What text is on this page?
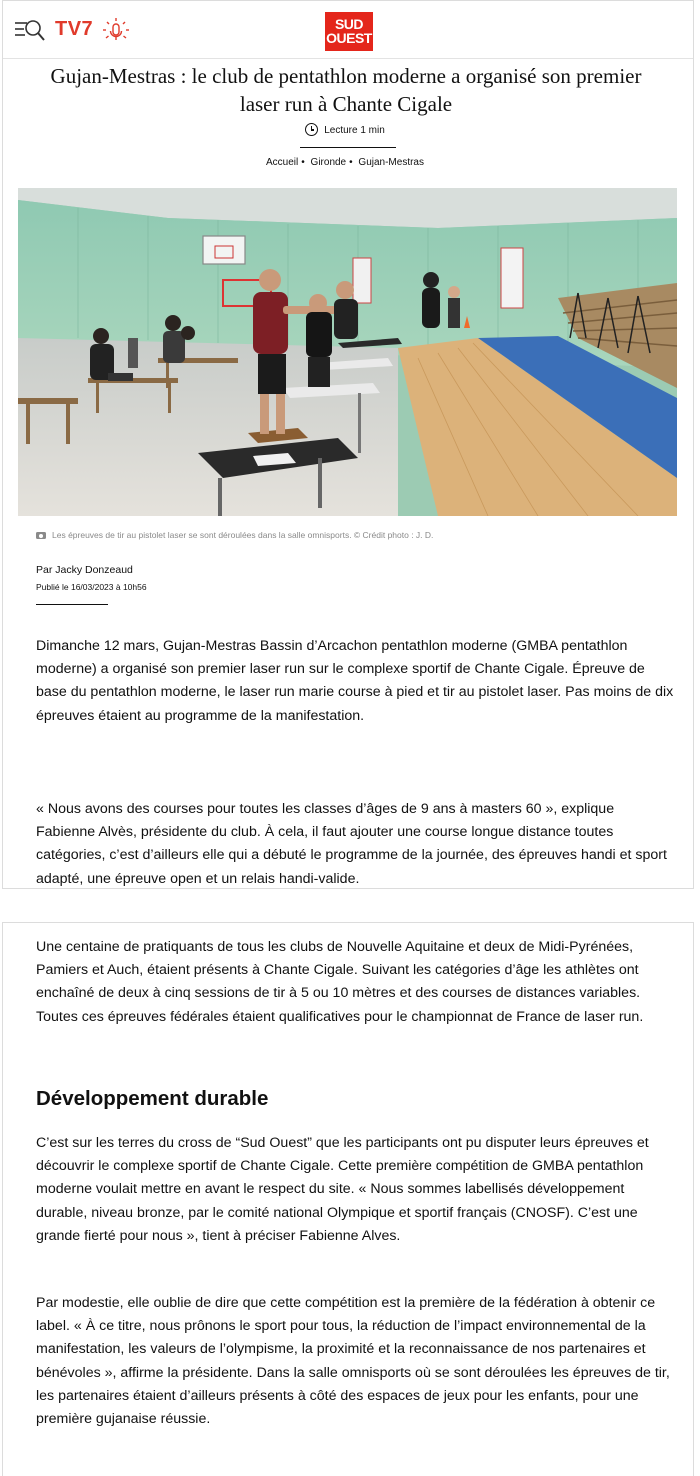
TV7	SUD
OUEST
Gujan-Mestras : le club de pentathlon moderne a organisé son premier laser run à Chante Cigale
Lecture 1 min
Accueil • Gironde • Gujan-Mestras
Les épreuves de tir au pistolet laser se sont déroulées dans la salle omnisports. © Crédit photo : J. D.
Par Jacky Donzeaud
Publié le 16/03/2023 à 10h56

Dimanche 12 mars, Gujan-Mestras Bassin d’Arcachon pentathlon moderne (GMBA pentathlon moderne) a organisé son premier laser run sur le complexe sportif de Chante Cigale. Épreuve de base du pentathlon moderne, le laser run marie course à pied et tir au pistolet laser. Pas moins de dix épreuves étaient au programme de la manifestation.

« Nous avons des courses pour toutes les classes d’âges de 9 ans à masters 60 », explique Fabienne Alvès, présidente du club. À cela, il faut ajouter une course longue distance toutes catégories, c’est d’ailleurs elle qui a débuté le programme de la journée, des épreuves handi et sport adapté, une épreuve open et un relais handi-valide.

Une centaine de pratiquants de tous les clubs de Nouvelle Aquitaine et deux de Midi-Pyrénées, Pamiers et Auch, étaient présents à Chante Cigale. Suivant les catégories d’âge les athlètes ont enchaîné de deux à cinq sessions de tir à 5 ou 10 mètres et des courses de distances variables. Toutes ces épreuves fédérales étaient qualificatives pour le championnat de France de laser run.

Développement durable

C’est sur les terres du cross de “Sud Ouest” que les participants ont pu disputer leurs épreuves et découvrir le complexe sportif de Chante Cigale. Cette première compétition de GMBA pentathlon moderne voulait mettre en avant le respect du site. « Nous sommes labellisés développement durable, niveau bronze, par le comité national Olympique et sportif français (CNOSF). C’est une grande fierté pour nous », tient à préciser Fabienne Alves.

Par modestie, elle oublie de dire que cette compétition est la première de la fédération à obtenir ce label. « À ce titre, nous prônons le sport pour tous, la réduction de l’impact environnemental de la manifestation, les valeurs de l’olympisme, la proximité et la reconnaissance de nos partenaires et bénévoles », affirme la présidente. Dans la salle omnisports où se sont déroulées les épreuves de tir, les partenaires étaient d’ailleurs présents à côté des espaces de jeux pour les enfants, pour une première gujanaise réussie.
